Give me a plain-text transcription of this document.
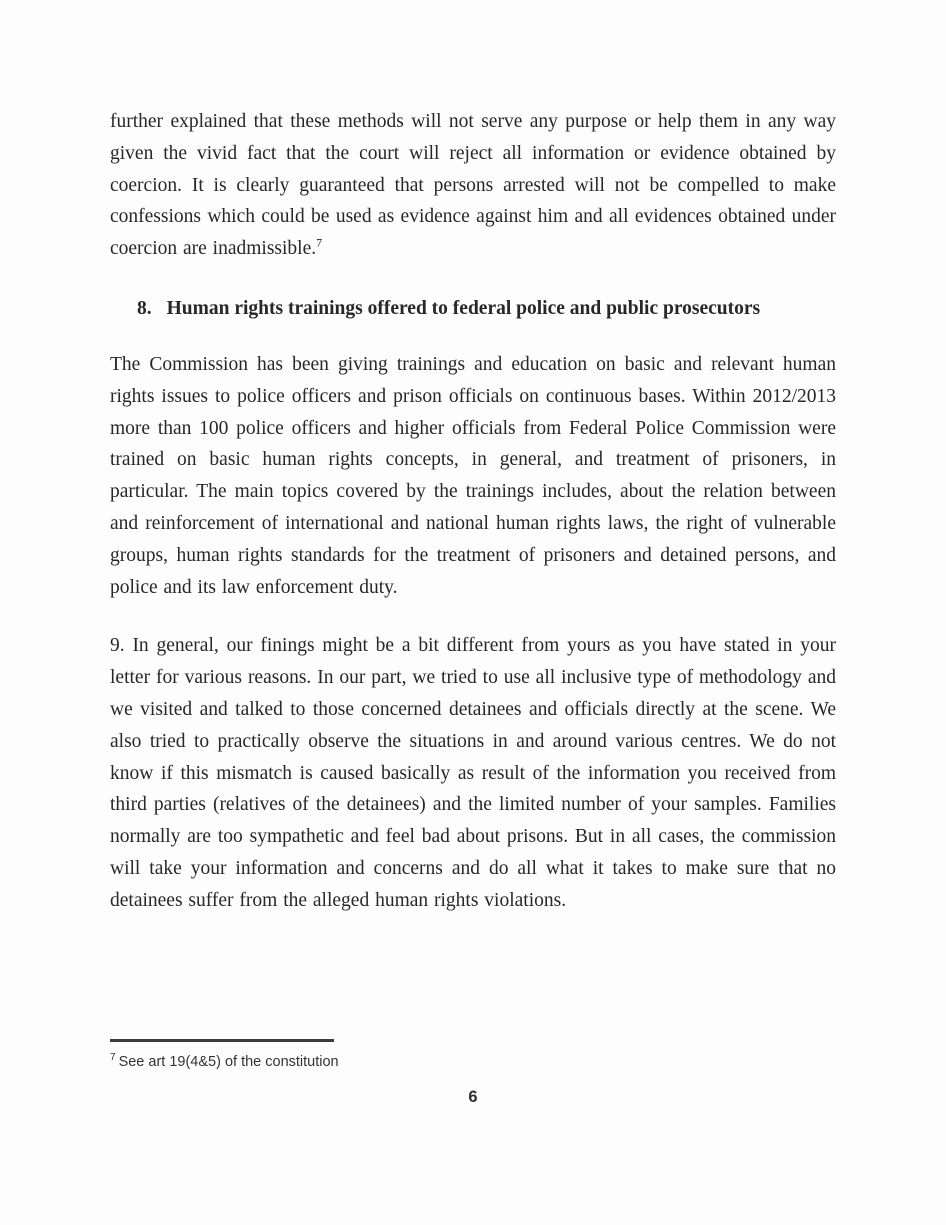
further explained that these methods will not serve any purpose or help them in any way given the vivid fact that the court will reject all information or evidence obtained by coercion. It is clearly guaranteed that persons arrested will not be compelled to make confessions which could be used as evidence against him and all evidences obtained under coercion are inadmissible.$^7$

8. Human rights trainings offered to federal police and public prosecutors

The Commission has been giving trainings and education on basic and relevant human rights issues to police officers and prison officials on continuous bases. Within 2012/2013 more than 100 police officers and higher officials from Federal Police Commission were trained on basic human rights concepts, in general, and treatment of prisoners, in particular. The main topics covered by the trainings includes, about the relation between and reinforcement of international and national human rights laws, the right of vulnerable groups, human rights standards for the treatment of prisoners and detained persons, and police and its law enforcement duty.

9. In general, our finings might be a bit different from yours as you have stated in your letter for various reasons. In our part, we tried to use all inclusive type of methodology and we visited and talked to those concerned detainees and officials directly at the scene. We also tried to practically observe the situations in and around various centres. We do not know if this mismatch is caused basically as result of the information you received from third parties (relatives of the detainees) and the limited number of your samples. Families normally are too sympathetic and feel bad about prisons. But in all cases, the commission will take your information and concerns and do all what it takes to make sure that no detainees suffer from the alleged human rights violations.

$^7$ See art 19(4&5) of the constitution
6
